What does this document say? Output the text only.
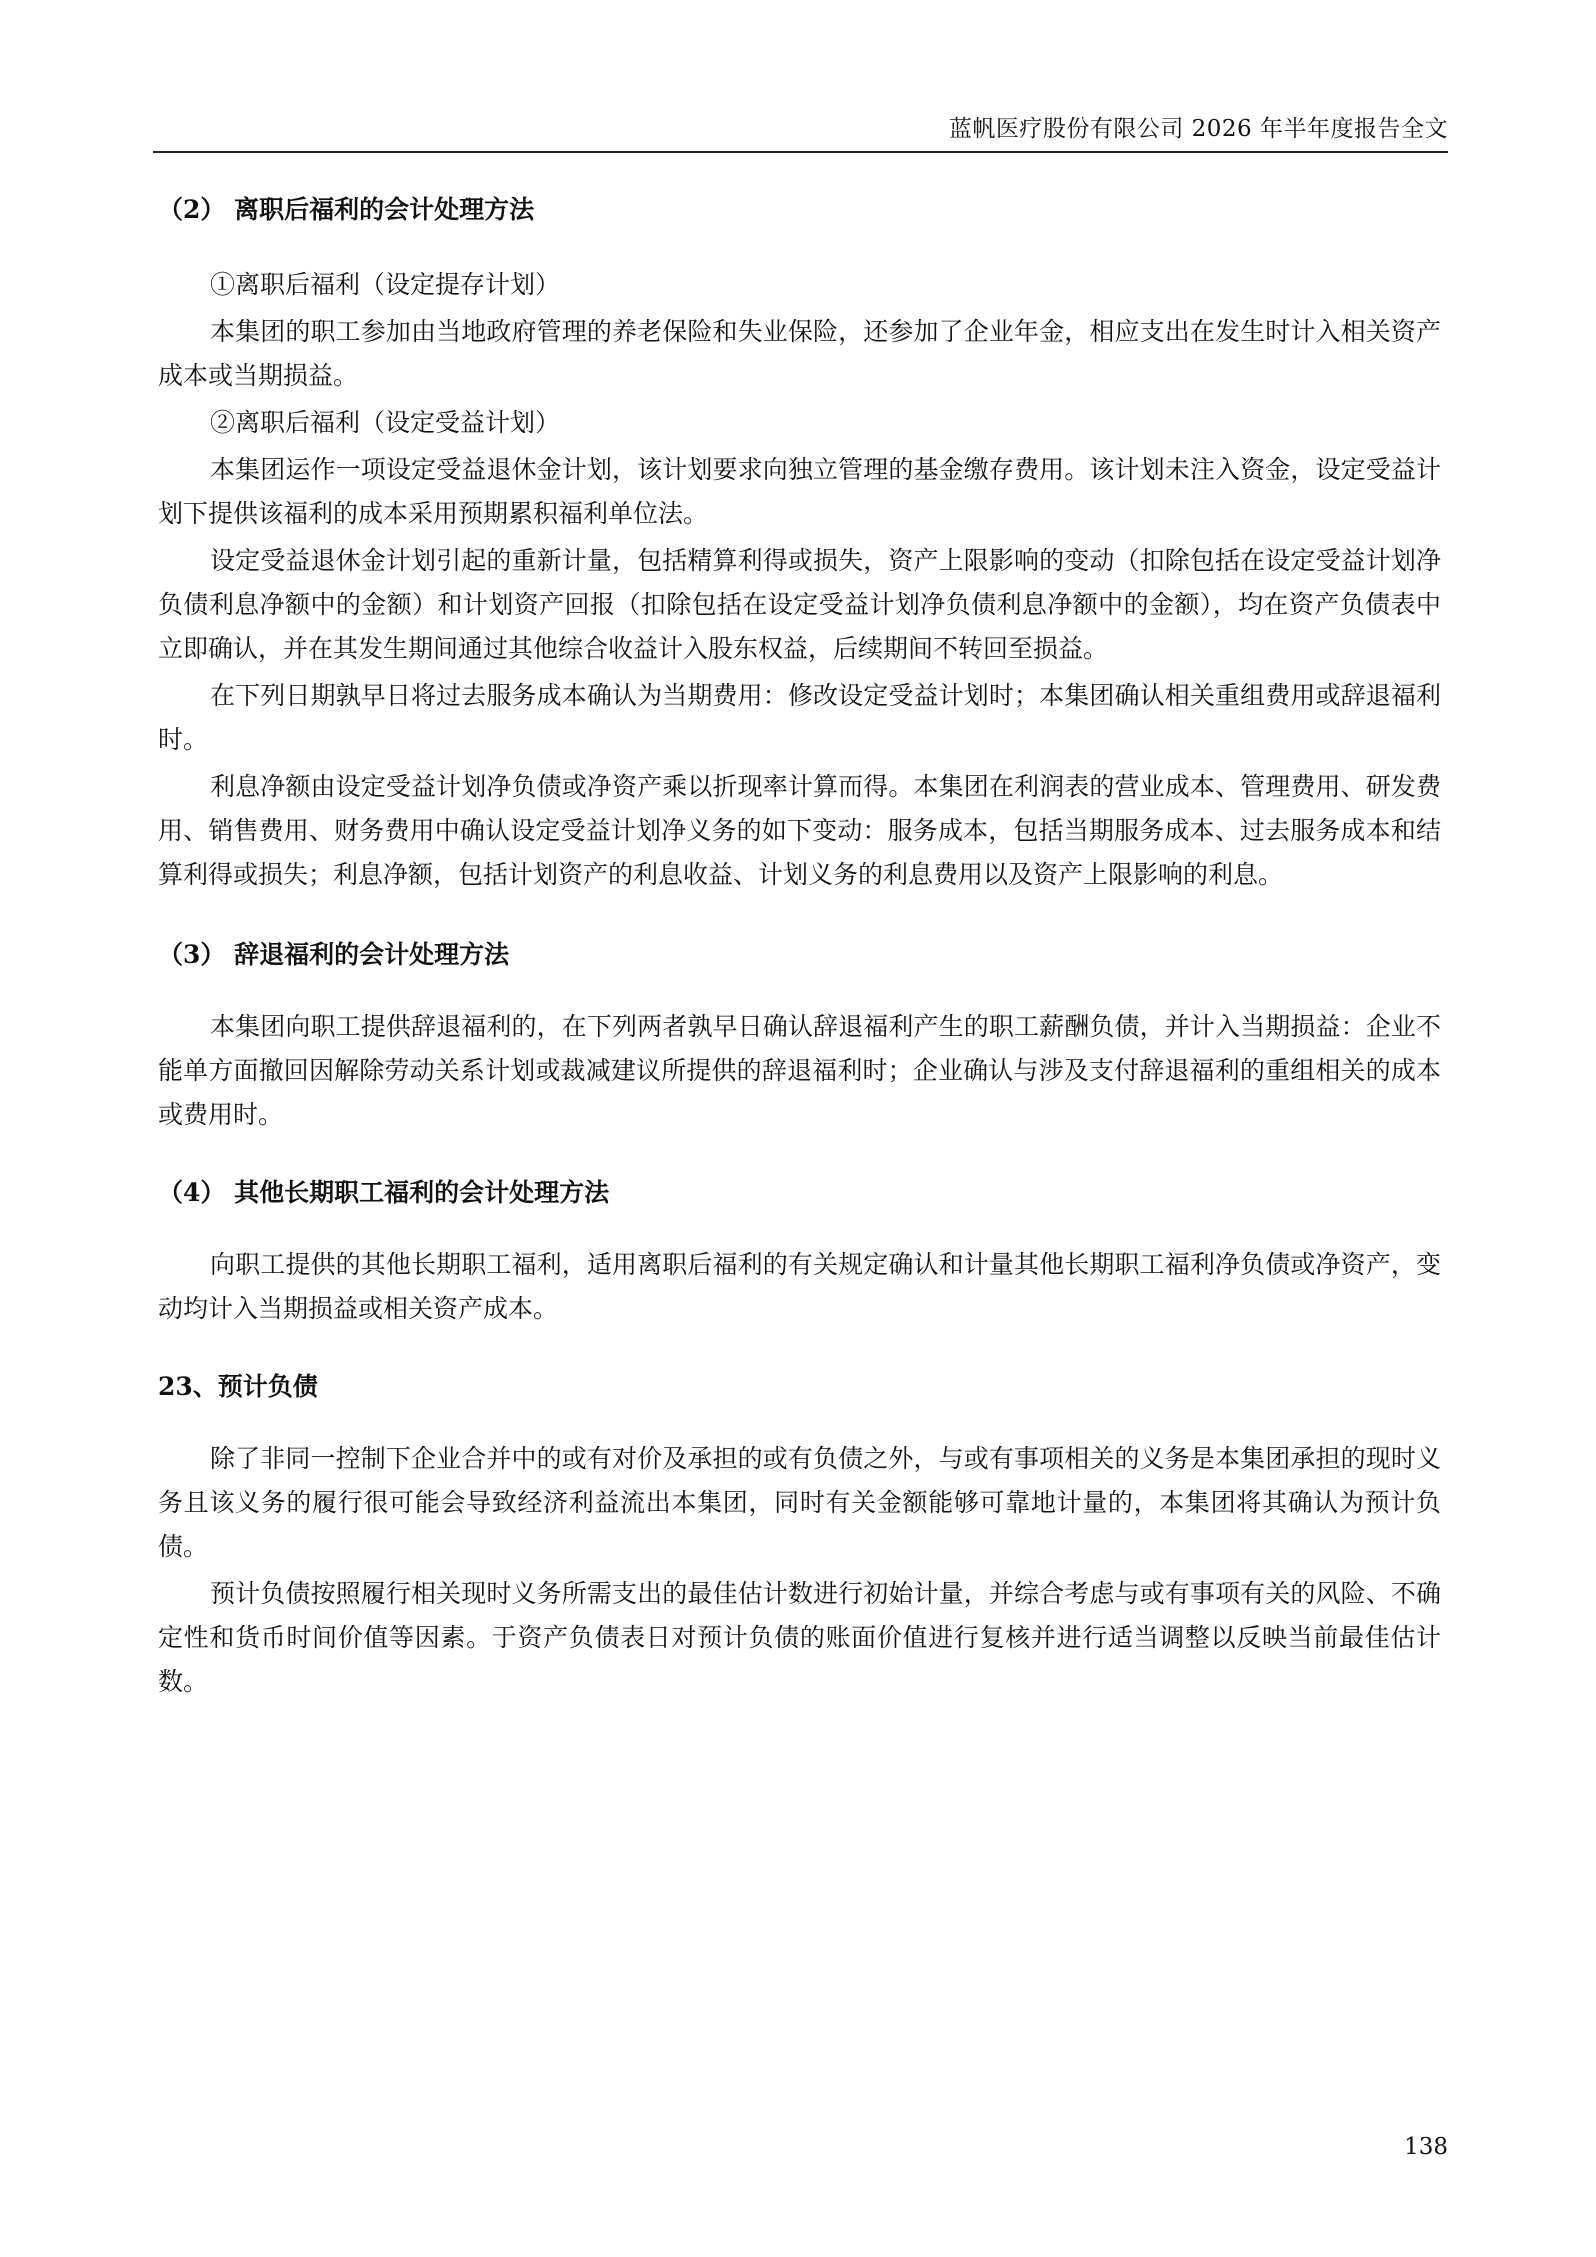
蓝帆医疗股份有限公司 2026 年半年度报告全文
（2） 离职后福利的会计处理方法

①离职后福利（设定提存计划）

本集团的职工参加由当地政府管理的养老保险和失业保险，还参加了企业年金，相应支出在发生时计入相关资产成本或当期损益。

②离职后福利（设定受益计划）

本集团运作一项设定受益退休金计划，该计划要求向独立管理的基金缴存费用。该计划未注入资金，设定受益计划下提供该福利的成本采用预期累积福利单位法。

设定受益退休金计划引起的重新计量，包括精算利得或损失，资产上限影响的变动（扣除包括在设定受益计划净负债利息净额中的金额）和计划资产回报（扣除包括在设定受益计划净负债利息净额中的金额），均在资产负债表中立即确认，并在其发生期间通过其他综合收益计入股东权益，后续期间不转回至损益。

在下列日期孰早日将过去服务成本确认为当期费用：修改设定受益计划时；本集团确认相关重组费用或辞退福利时。

利息净额由设定受益计划净负债或净资产乘以折现率计算而得。本集团在利润表的营业成本、管理费用、研发费用、销售费用、财务费用中确认设定受益计划净义务的如下变动：服务成本，包括当期服务成本、过去服务成本和结算利得或损失；利息净额，包括计划资产的利息收益、计划义务的利息费用以及资产上限影响的利息。

（3） 辞退福利的会计处理方法

本集团向职工提供辞退福利的，在下列两者孰早日确认辞退福利产生的职工薪酬负债，并计入当期损益：企业不能单方面撤回因解除劳动关系计划或裁减建议所提供的辞退福利时；企业确认与涉及支付辞退福利的重组相关的成本或费用时。

（4） 其他长期职工福利的会计处理方法

向职工提供的其他长期职工福利，适用离职后福利的有关规定确认和计量其他长期职工福利净负债或净资产，变动均计入当期损益或相关资产成本。

23、预计负债

除了非同一控制下企业合并中的或有对价及承担的或有负债之外，与或有事项相关的义务是本集团承担的现时义务且该义务的履行很可能会导致经济利益流出本集团，同时有关金额能够可靠地计量的，本集团将其确认为预计负债。

预计负债按照履行相关现时义务所需支出的最佳估计数进行初始计量，并综合考虑与或有事项有关的风险、不确定性和货币时间价值等因素。于资产负债表日对预计负债的账面价值进行复核并进行适当调整以反映当前最佳估计数。

138
